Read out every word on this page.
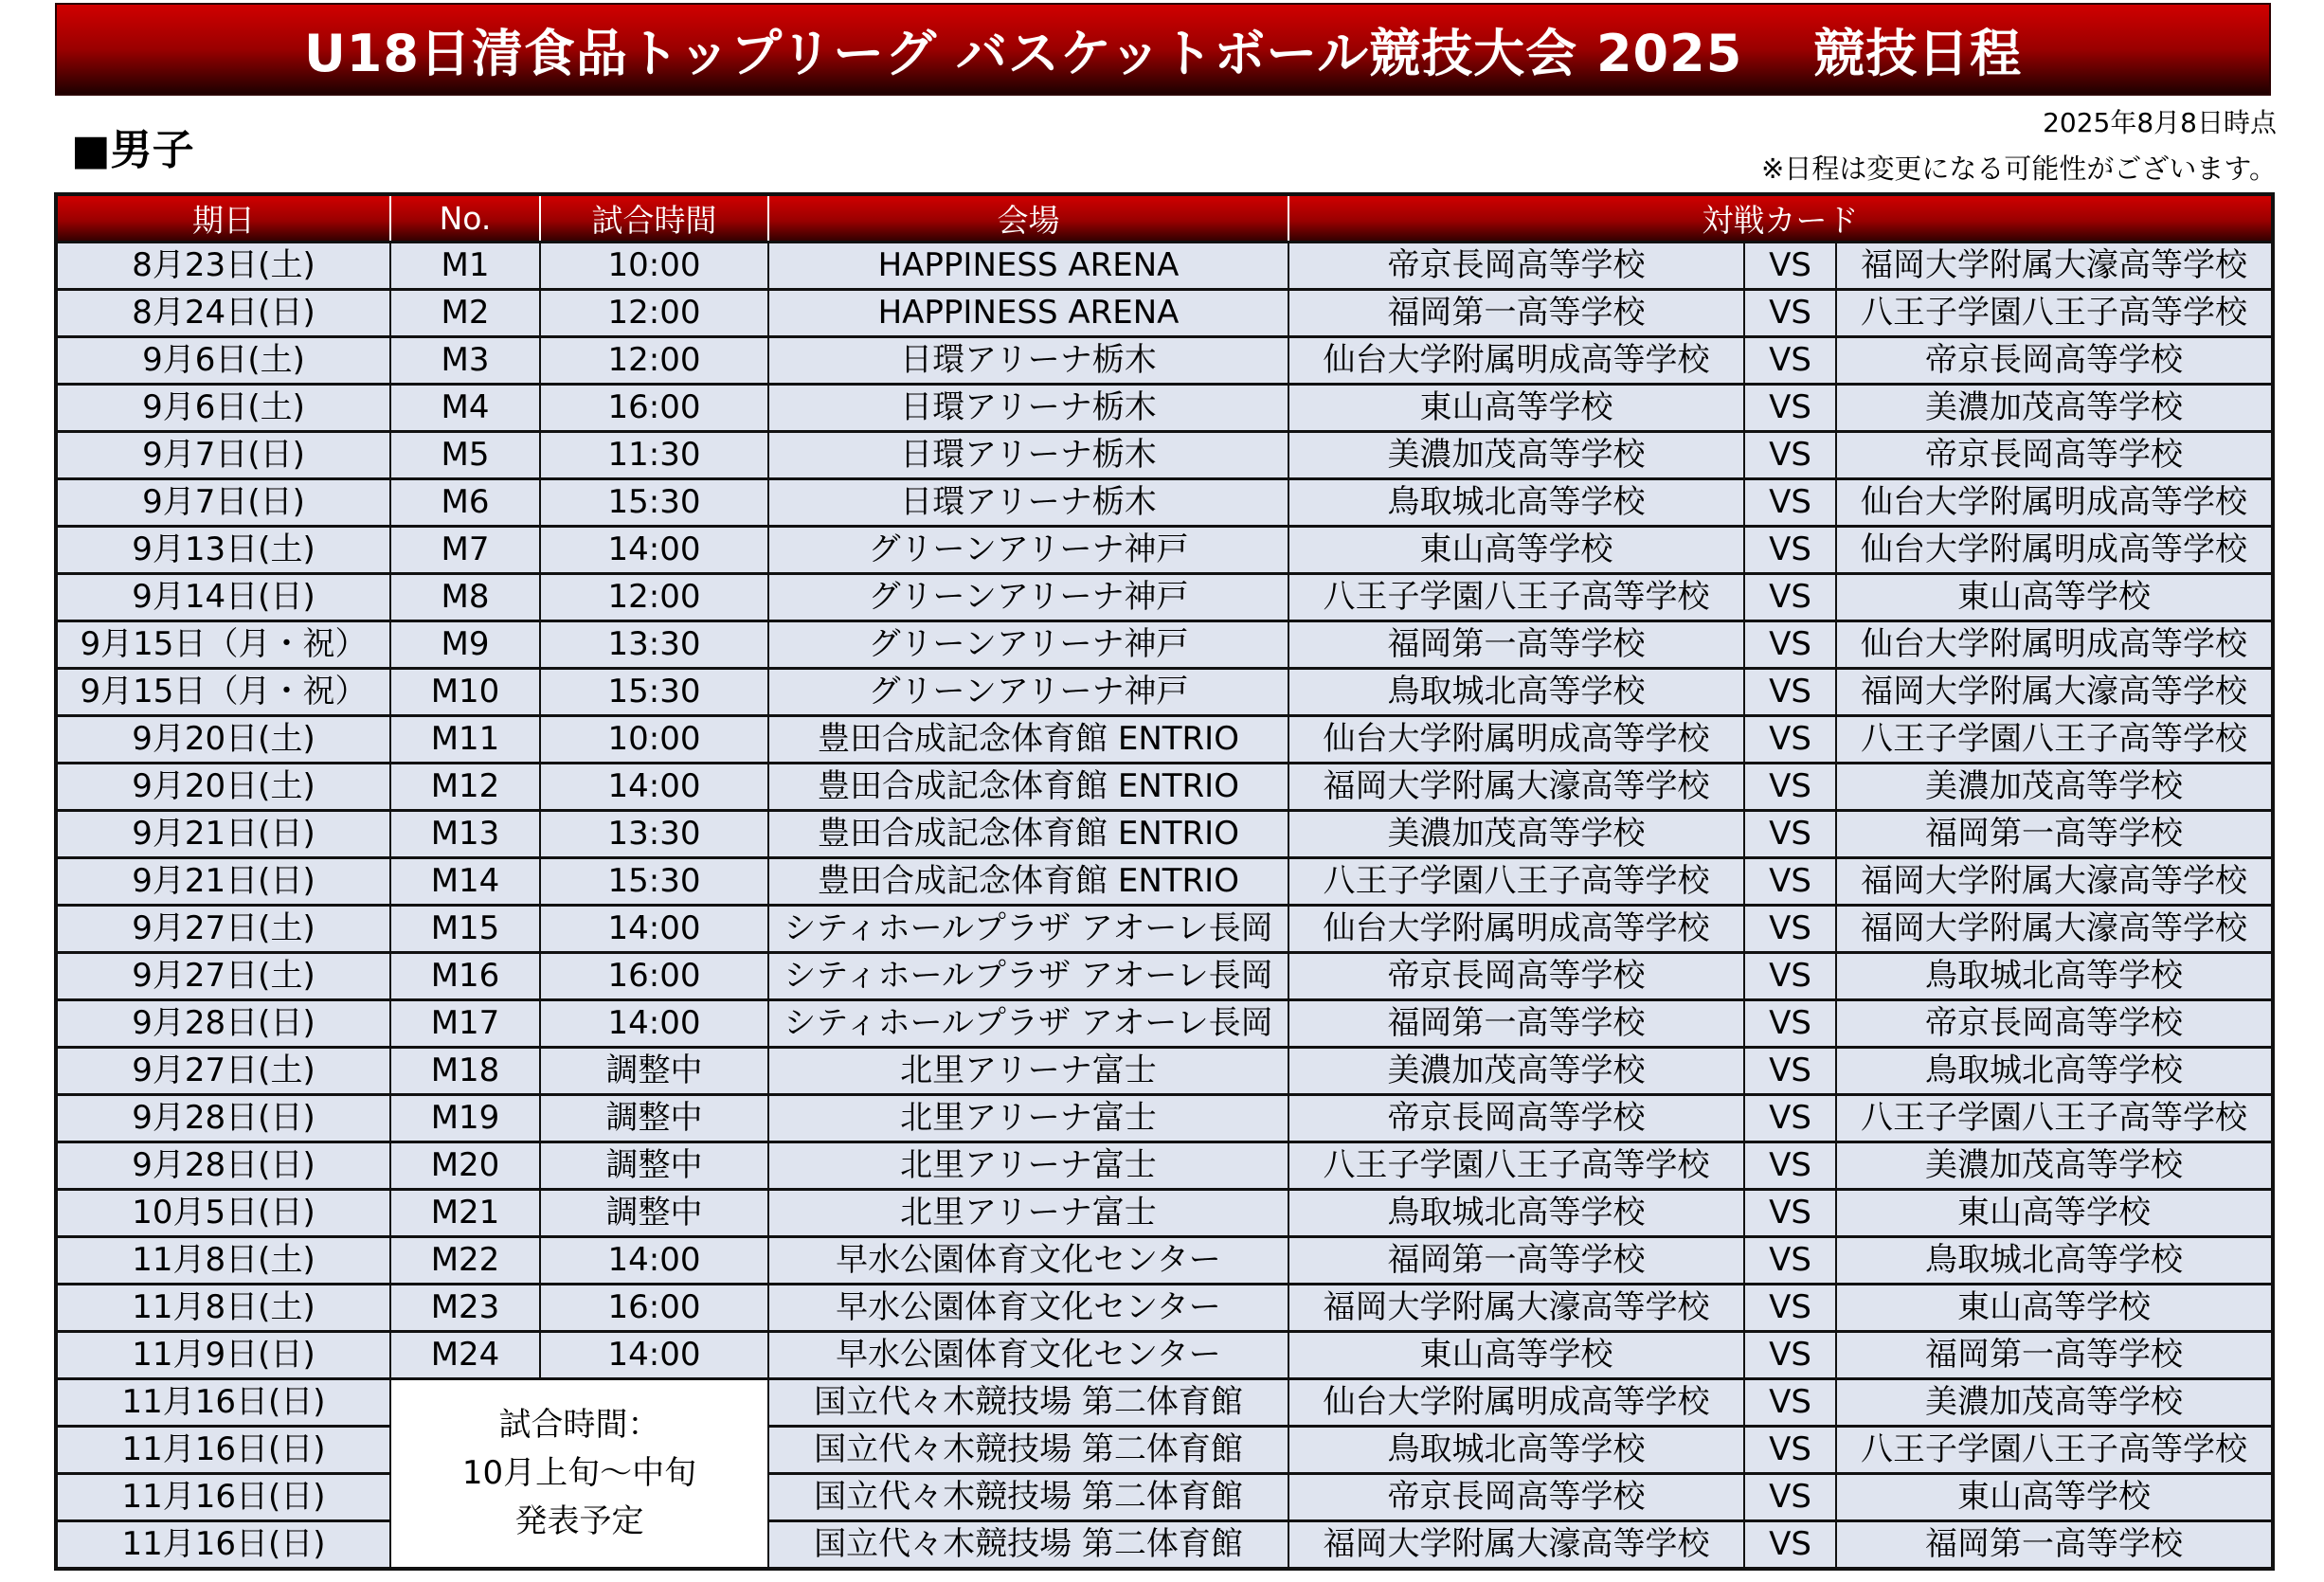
U18日清食品トップリーグ バスケットボール競技大会 2025　 競技日程
■男子
2025年8月8日時点
※日程は変更になる可能性がございます。
期日	No.	試合時間	会場	対戦カード		
8月23日(土)	M1	10:00	HAPPINESS ARENA	帝京長岡高等学校	VS	福岡大学附属大濠高等学校
8月24日(日)	M2	12:00	HAPPINESS ARENA	福岡第一高等学校	VS	八王子学園八王子高等学校
9月6日(土)	M3	12:00	日環アリーナ栃木	仙台大学附属明成高等学校	VS	帝京長岡高等学校
9月6日(土)	M4	16:00	日環アリーナ栃木	東山高等学校	VS	美濃加茂高等学校
9月7日(日)	M5	11:30	日環アリーナ栃木	美濃加茂高等学校	VS	帝京長岡高等学校
9月7日(日)	M6	15:30	日環アリーナ栃木	鳥取城北高等学校	VS	仙台大学附属明成高等学校
9月13日(土)	M7	14:00	グリーンアリーナ神戸	東山高等学校	VS	仙台大学附属明成高等学校
9月14日(日)	M8	12:00	グリーンアリーナ神戸	八王子学園八王子高等学校	VS	東山高等学校
9月15日（月・祝）	M9	13:30	グリーンアリーナ神戸	福岡第一高等学校	VS	仙台大学附属明成高等学校
9月15日（月・祝）	M10	15:30	グリーンアリーナ神戸	鳥取城北高等学校	VS	福岡大学附属大濠高等学校
9月20日(土)	M11	10:00	豊田合成記念体育館 ENTRIO	仙台大学附属明成高等学校	VS	八王子学園八王子高等学校
9月20日(土)	M12	14:00	豊田合成記念体育館 ENTRIO	福岡大学附属大濠高等学校	VS	美濃加茂高等学校
9月21日(日)	M13	13:30	豊田合成記念体育館 ENTRIO	美濃加茂高等学校	VS	福岡第一高等学校
9月21日(日)	M14	15:30	豊田合成記念体育館 ENTRIO	八王子学園八王子高等学校	VS	福岡大学附属大濠高等学校
9月27日(土)	M15	14:00	シティホールプラザ アオーレ長岡	仙台大学附属明成高等学校	VS	福岡大学附属大濠高等学校
9月27日(土)	M16	16:00	シティホールプラザ アオーレ長岡	帝京長岡高等学校	VS	鳥取城北高等学校
9月28日(日)	M17	14:00	シティホールプラザ アオーレ長岡	福岡第一高等学校	VS	帝京長岡高等学校
9月27日(土)	M18	調整中	北里アリーナ富士	美濃加茂高等学校	VS	鳥取城北高等学校
9月28日(日)	M19	調整中	北里アリーナ富士	帝京長岡高等学校	VS	八王子学園八王子高等学校
9月28日(日)	M20	調整中	北里アリーナ富士	八王子学園八王子高等学校	VS	美濃加茂高等学校
10月5日(日)	M21	調整中	北里アリーナ富士	鳥取城北高等学校	VS	東山高等学校
11月8日(土)	M22	14:00	早水公園体育文化センター	福岡第一高等学校	VS	鳥取城北高等学校
11月8日(土)	M23	16:00	早水公園体育文化センター	福岡大学附属大濠高等学校	VS	東山高等学校
11月9日(日)	M24	14:00	早水公園体育文化センター	東山高等学校	VS	福岡第一高等学校
11月16日(日)	試合時間：
10月上旬～中旬
発表予定		国立代々木競技場 第二体育館	仙台大学附属明成高等学校	VS	美濃加茂高等学校
11月16日(日)			国立代々木競技場 第二体育館	鳥取城北高等学校	VS	八王子学園八王子高等学校
11月16日(日)			国立代々木競技場 第二体育館	帝京長岡高等学校	VS	東山高等学校
11月16日(日)			国立代々木競技場 第二体育館	福岡大学附属大濠高等学校	VS	福岡第一高等学校
